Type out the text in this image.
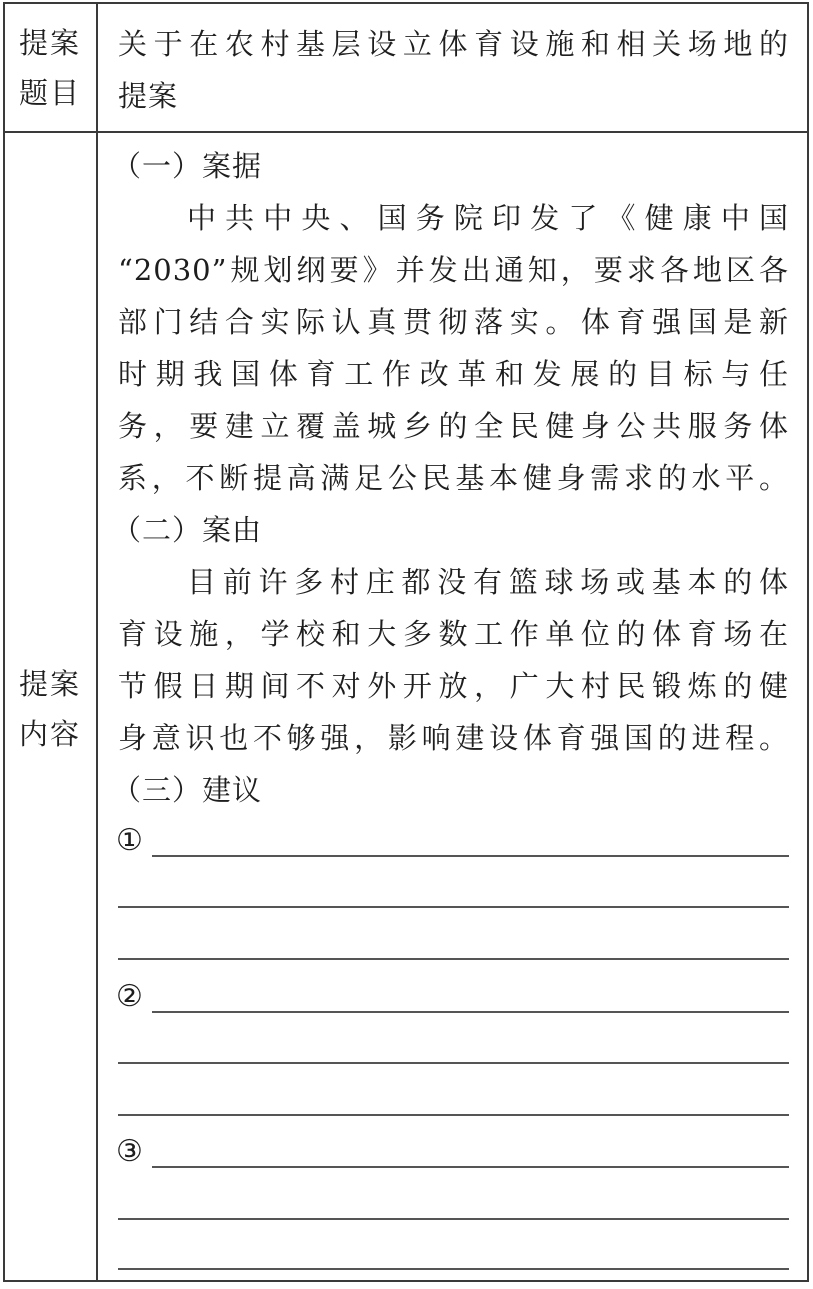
提案
题目
关于在农村基层设立体育设施和相关场地的
提案
提案
内容
（一）案据
中共中央、国务院印发了《健康中国
“2030”规划纲要》并发出通知，要求各地区各
部门结合实际认真贯彻落实。体育强国是新
时期我国体育工作改革和发展的目标与任
务，要建立覆盖城乡的全民健身公共服务体
系，不断提高满足公民基本健身需求的水平。
（二）案由
目前许多村庄都没有篮球场或基本的体
育设施，学校和大多数工作单位的体育场在
节假日期间不对外开放，广大村民锻炼的健
身意识也不够强，影响建设体育强国的进程。
（三）建议
①
②
③
